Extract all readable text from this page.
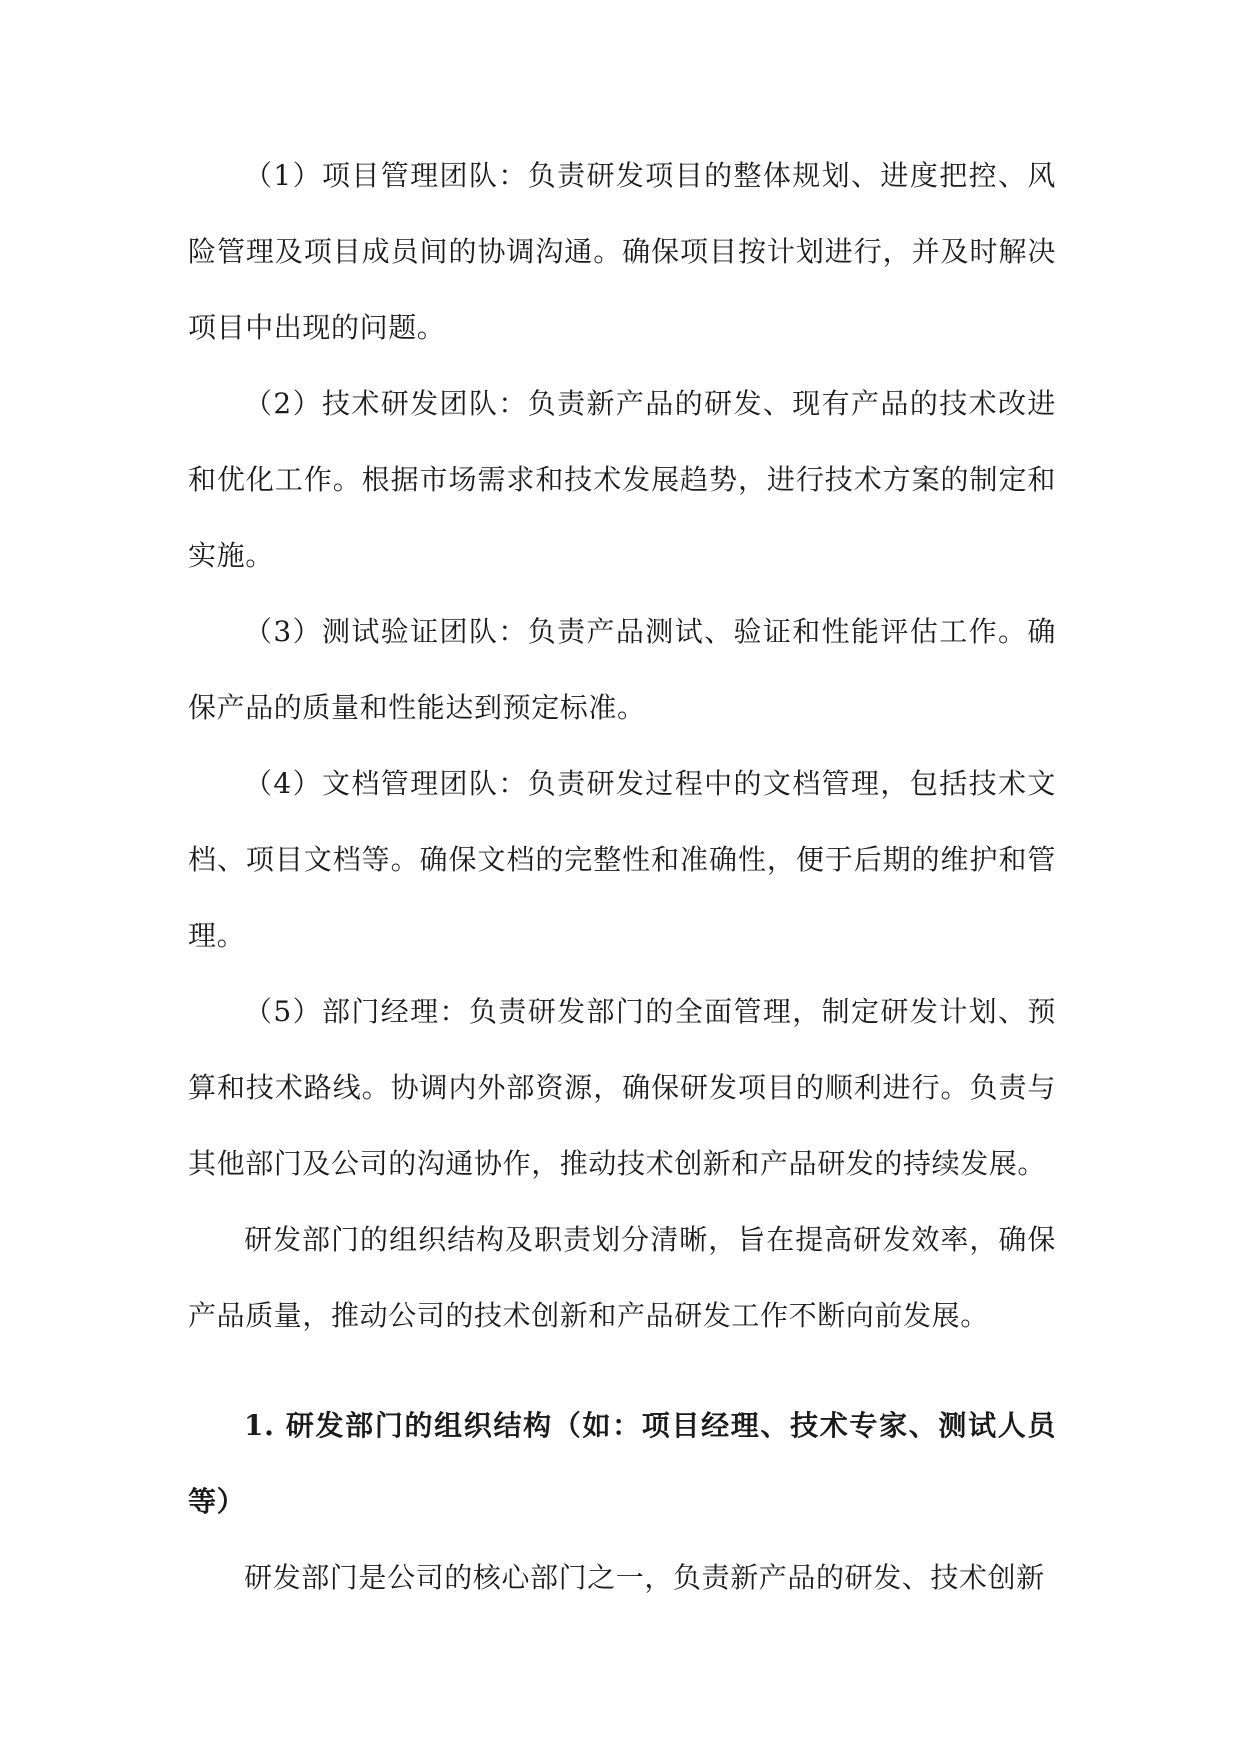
（1）项目管理团队：负责研发项目的整体规划、进度把控、风险管理及项目成员间的协调沟通。确保项目按计划进行，并及时解决项目中出现的问题。

（2）技术研发团队：负责新产品的研发、现有产品的技术改进和优化工作。根据市场需求和技术发展趋势，进行技术方案的制定和实施。

（3）测试验证团队：负责产品测试、验证和性能评估工作。确保产品的质量和性能达到预定标准。

（4）文档管理团队：负责研发过程中的文档管理，包括技术文档、项目文档等。确保文档的完整性和准确性，便于后期的维护和管理。

（5）部门经理：负责研发部门的全面管理，制定研发计划、预算和技术路线。协调内外部资源，确保研发项目的顺利进行。负责与其他部门及公司的沟通协作，推动技术创新和产品研发的持续发展。

研发部门的组织结构及职责划分清晰，旨在提高研发效率，确保产品质量，推动公司的技术创新和产品研发工作不断向前发展。

1. 研发部门的组织结构（如：项目经理、技术专家、测试人员等）

研发部门是公司的核心部门之一，负责新产品的研发、技术创新
